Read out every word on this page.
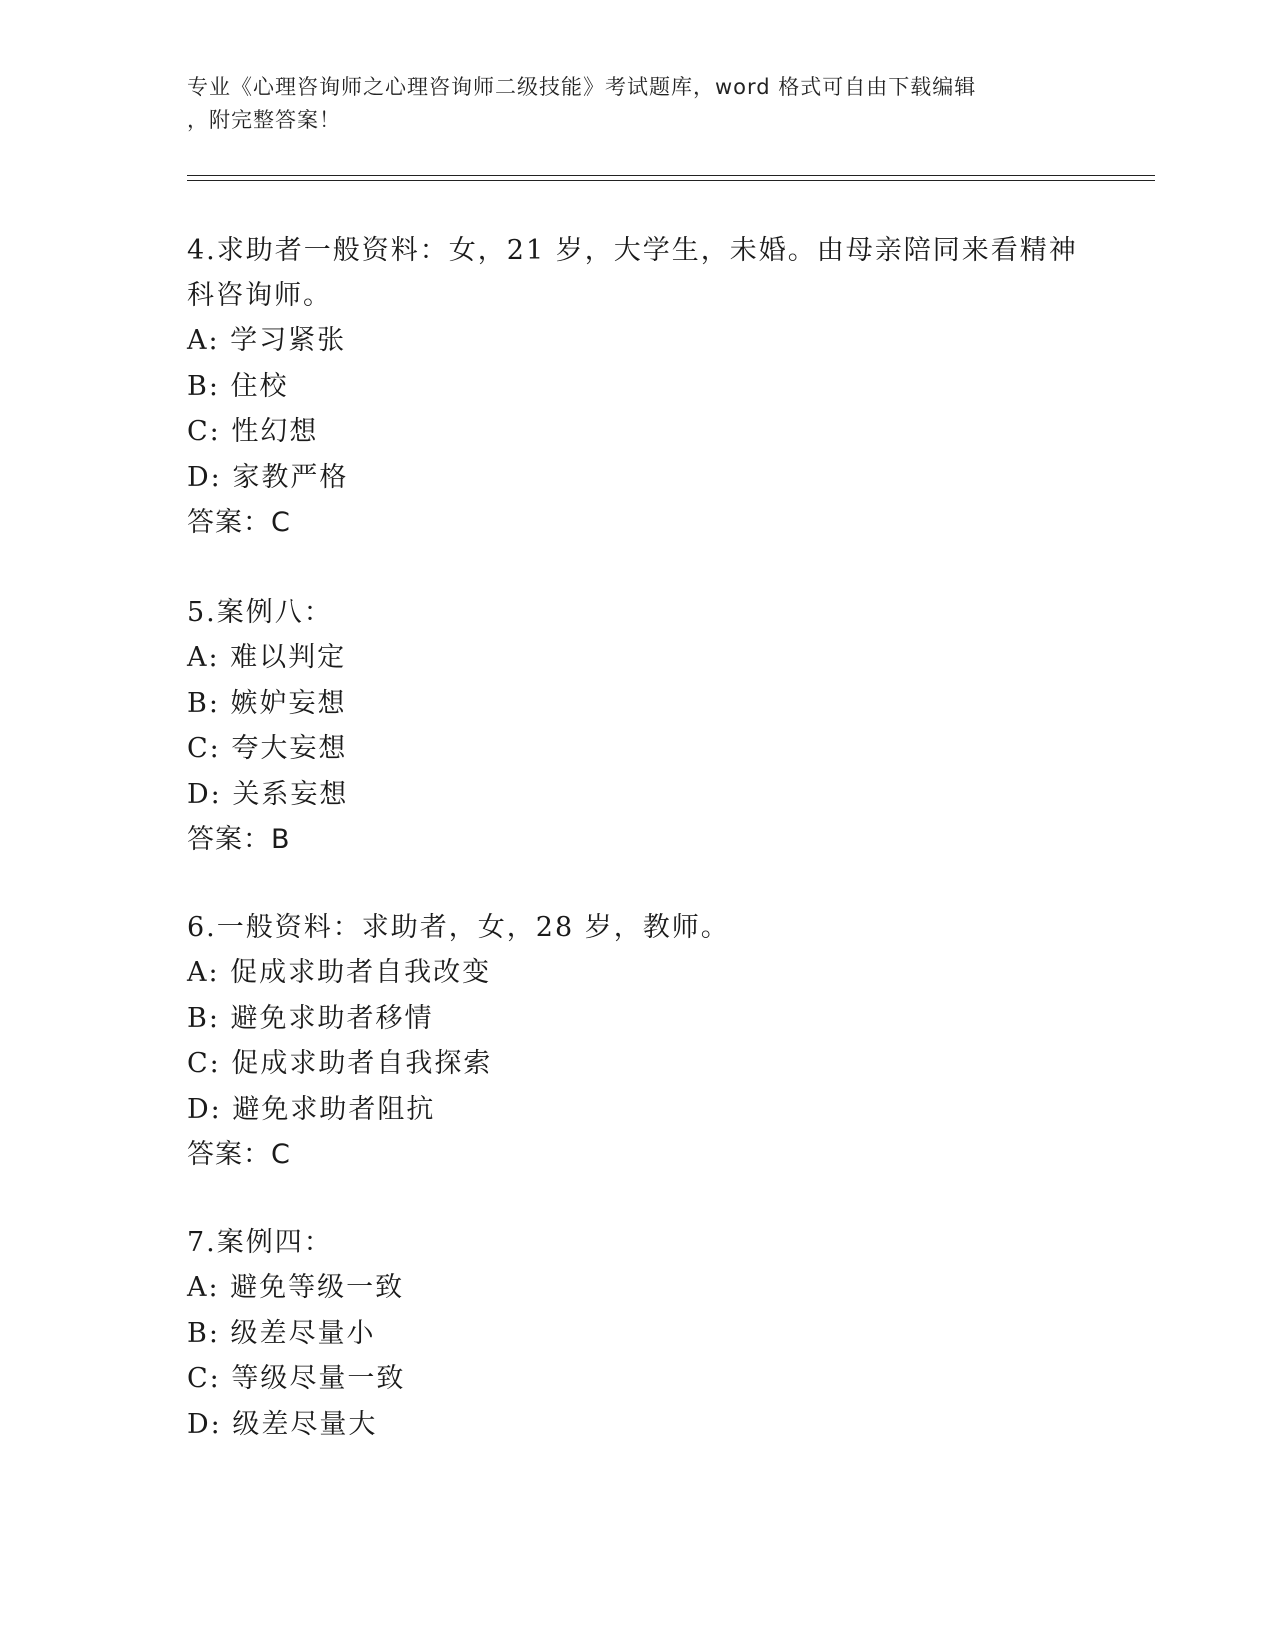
专业《心理咨询师之心理咨询师二级技能》考试题库，word 格式可自由下载编辑
，附完整答案！

4.求助者一般资料：女，21 岁，大学生，未婚。由母亲陪同来看精神

科咨询师。

A: 学习紧张

B: 住校

C: 性幻想

D: 家教严格

答案：C

5.案例八：

A: 难以判定

B: 嫉妒妄想

C: 夸大妄想

D: 关系妄想

答案：B

6.一般资料：求助者，女，28 岁，教师。

A: 促成求助者自我改变

B: 避免求助者移情

C: 促成求助者自我探索

D: 避免求助者阻抗

答案：C

7.案例四：

A: 避免等级一致

B: 级差尽量小

C: 等级尽量一致

D: 级差尽量大
